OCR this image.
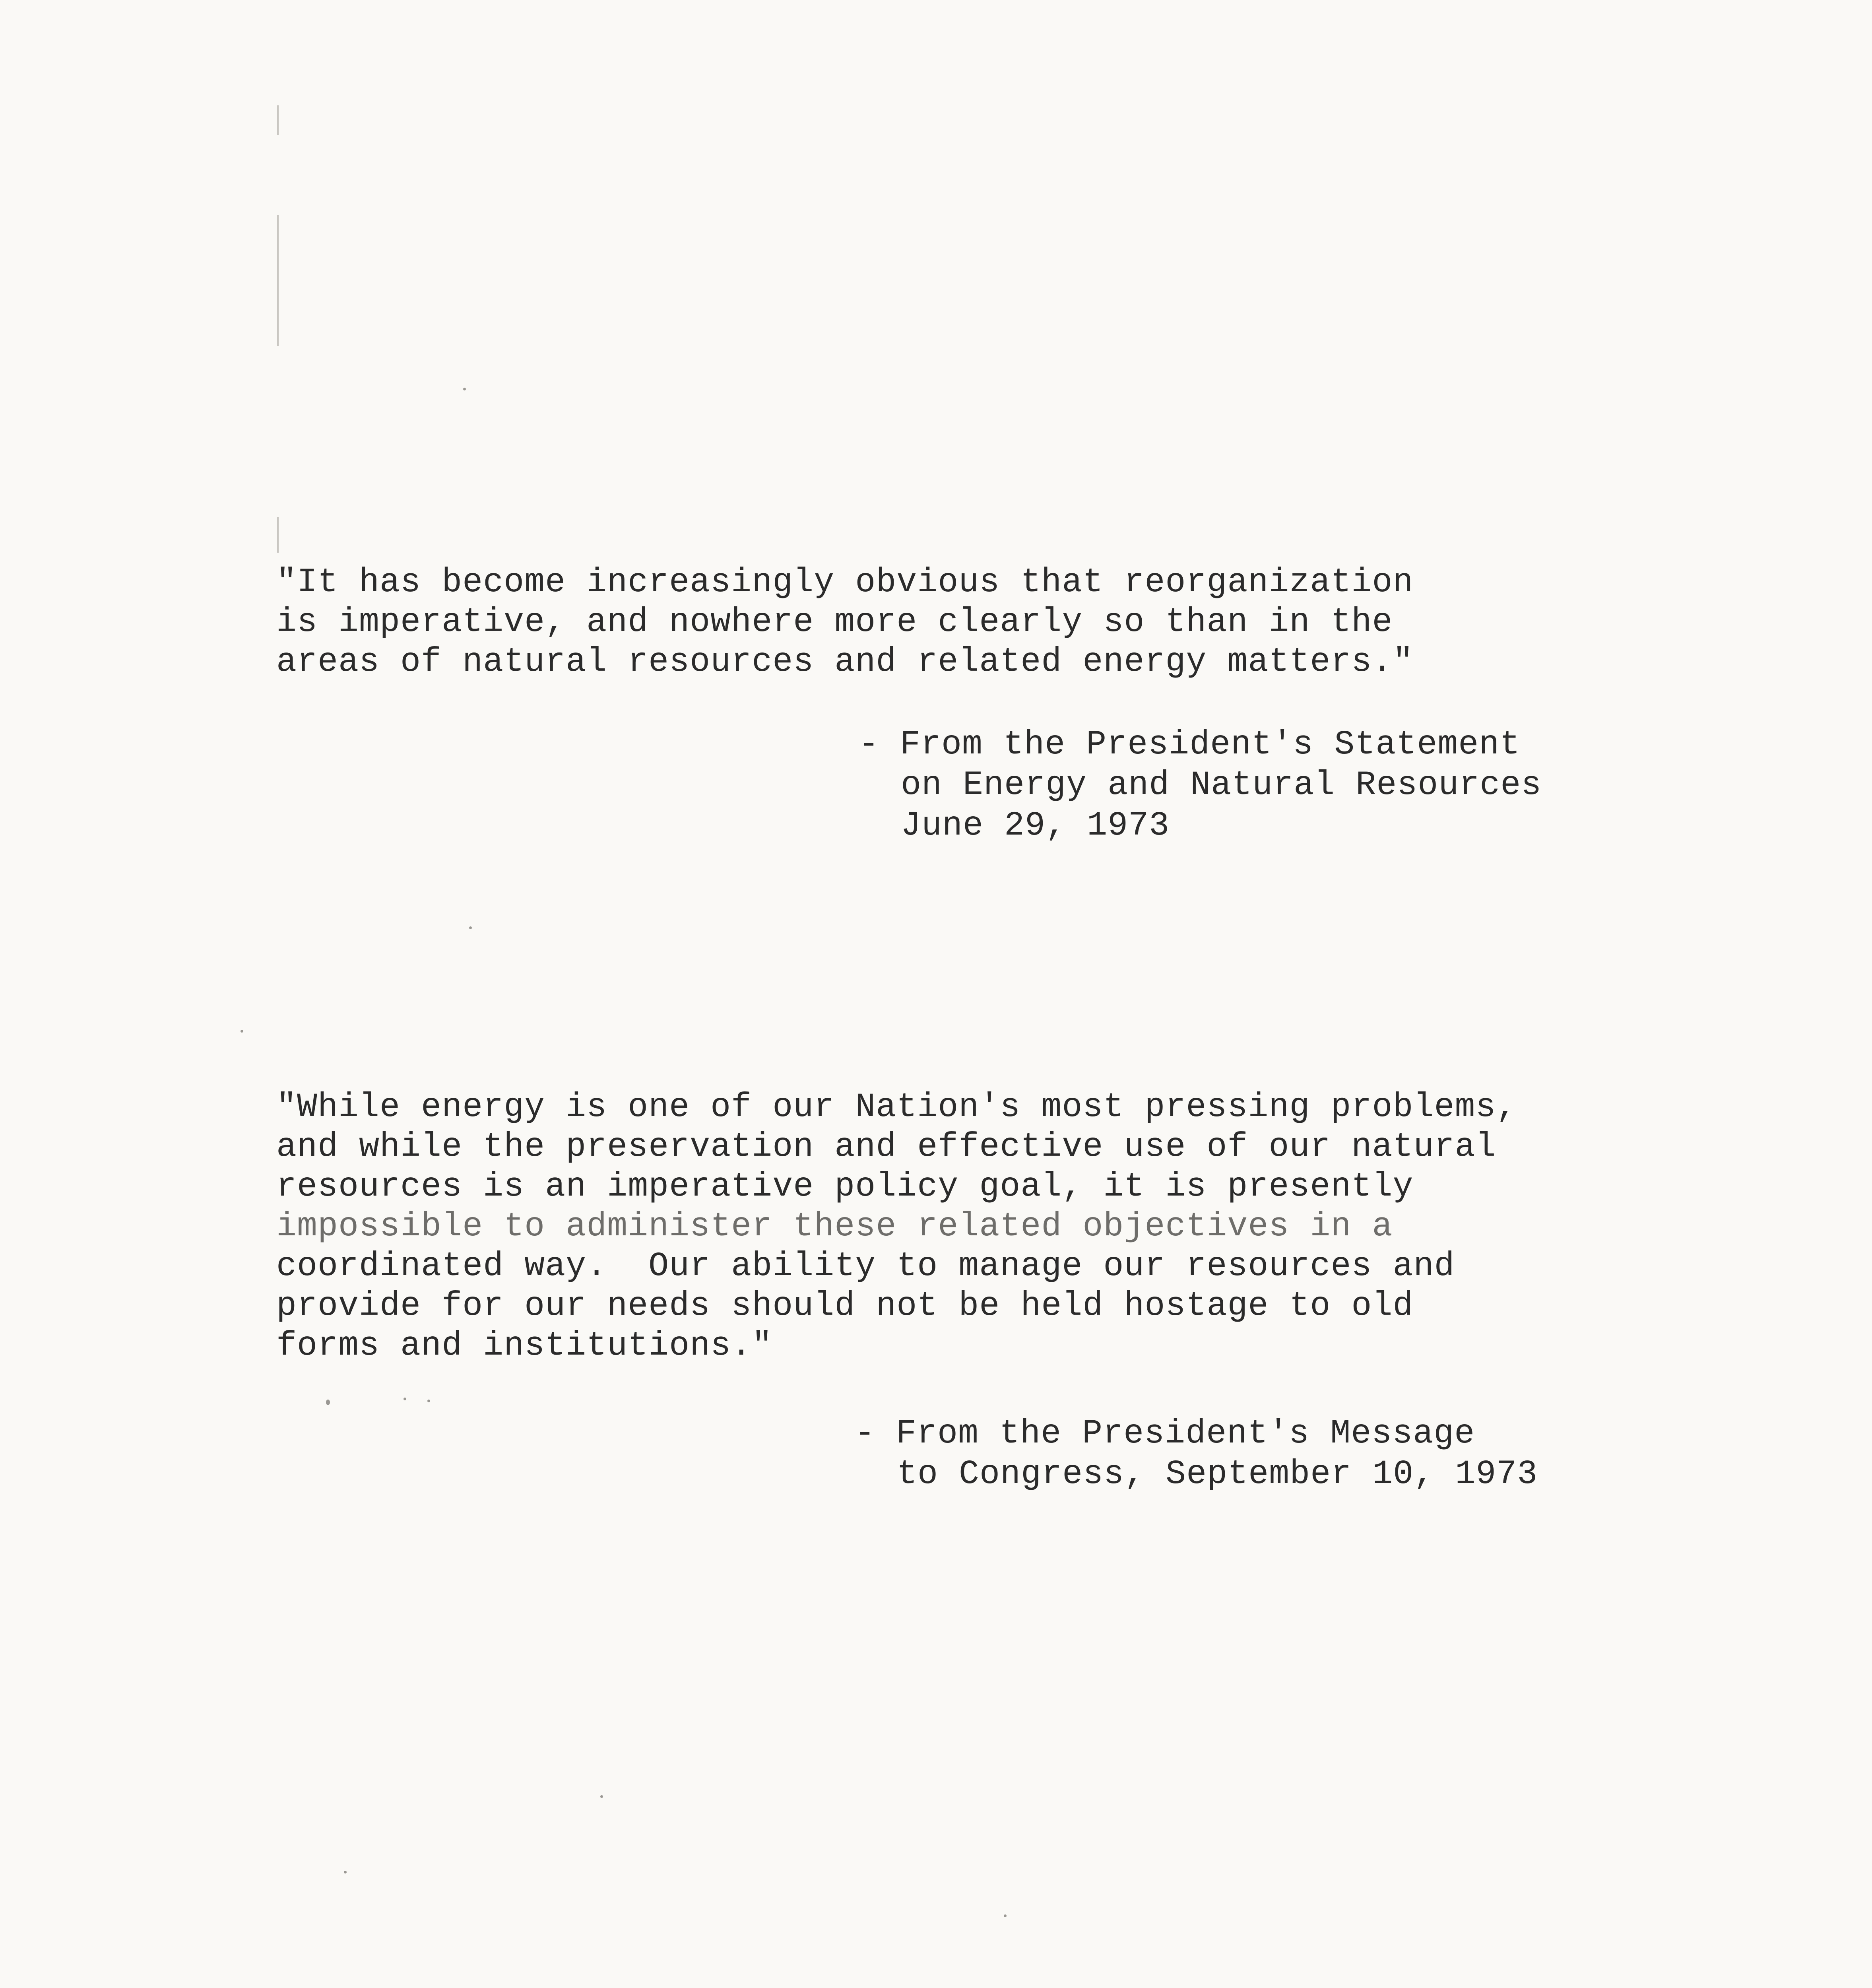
"It has become increasingly obvious that reorganization
is imperative, and nowhere more clearly so than in the
areas of natural resources and related energy matters."
- From the President's Statement
on Energy and Natural Resources
June 29, 1973
"While energy is one of our Nation's most pressing problems,
and while the preservation and effective use of our natural
resources is an imperative policy goal, it is presently
impossible to administer these related objectives in a
coordinated way.  Our ability to manage our resources and
provide for our needs should not be held hostage to old
forms and institutions."
- From the President's Message
to Congress, September 10, 1973
